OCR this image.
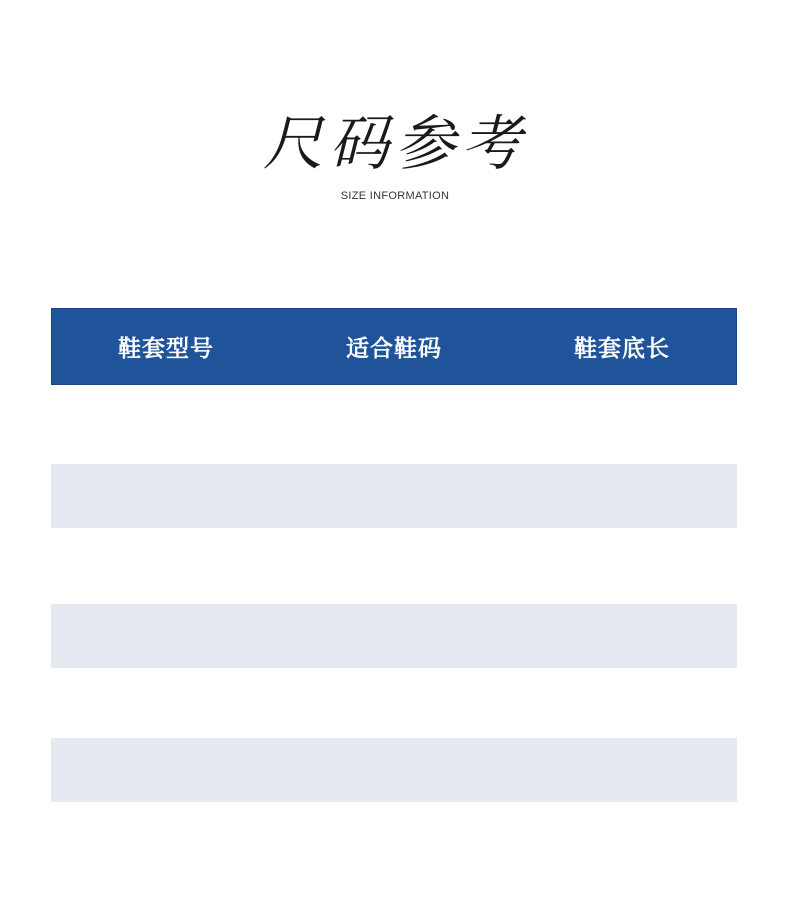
尺码参考
SIZE INFORMATION
鞋套型号	适合鞋码	鞋套底长
